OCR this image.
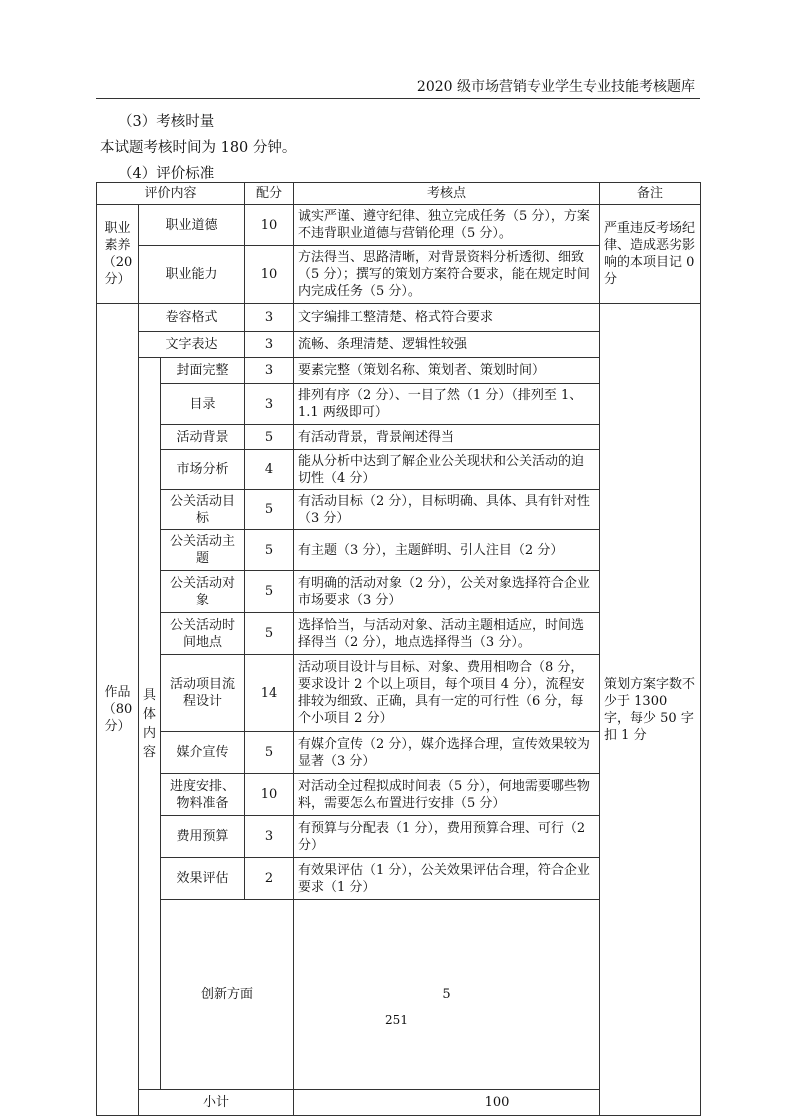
2020 级市场营销专业学生专业技能考核题库
（3）考核时量
本试题考核时间为 180 分钟。
（4）评价标准
评价内容			配分	考核点	备注	
职业素养（20分）	职业道德		10	诚实严谨、遵守纪律、独立完成任务（5 分），方案不违背职业道德与营销伦理（5 分）。	严重违反考场纪律、造成恶劣影响的本项目记 0 分	
	职业能力		10	方法得当、思路清晰，对背景资料分析透彻、细致（5 分）；撰写的策划方案符合要求，能在规定时间内完成任务（5 分）。		
作品（80分）	卷容格式		3	文字编排工整清楚、格式符合要求	策划方案字数不少于 1300 字，每少 50 字扣 1 分	
	文字表达		3	流畅、条理清楚、逻辑性较强		

	具体内容	封面完整	3	要素完整（策划名称、策划者、策划时间）		
		目录	3	排列有序（2 分）、一目了然（1 分）（排列至 1、1.1 两级即可）		
		活动背景	5	有活动背景，背景阐述得当		
		市场分析	4	能从分析中达到了解企业公关现状和公关活动的迫切性（4 分）		
		公关活动目标	5	有活动目标（2 分），目标明确、具体、具有针对性（3 分）		
		公关活动主题	5	有主题（3 分），主题鲜明、引人注目（2 分）		
		公关活动对象	5	有明确的活动对象（2 分），公关对象选择符合企业市场要求（3 分）		
		公关活动时间地点	5	选择恰当，与活动对象、活动主题相适应，时间选择得当（2 分），地点选择得当（3 分）。		
		活动项目流程设计	14	活动项目设计与目标、对象、费用相吻合（8 分，要求设计 2 个以上项目，每个项目 4 分），流程安排较为细致、正确，具有一定的可行性（6 分，每个小项目 2 分）		
		媒介宣传	5	有媒介宣传（2 分），媒介选择合理，宣传效果较为显著（3 分）		
		进度安排、物料准备	10	对活动全过程拟成时间表（5 分），何地需要哪些物料，需要怎么布置进行安排（5 分）		
		费用预算	3	有预算与分配表（1 分），费用预算合理、可行（2 分）		
		效果评估	2	有效果评估（1 分），公关效果评估合理，符合企业要求（1 分）		
		创新方面		5	
	小计			100		
251
